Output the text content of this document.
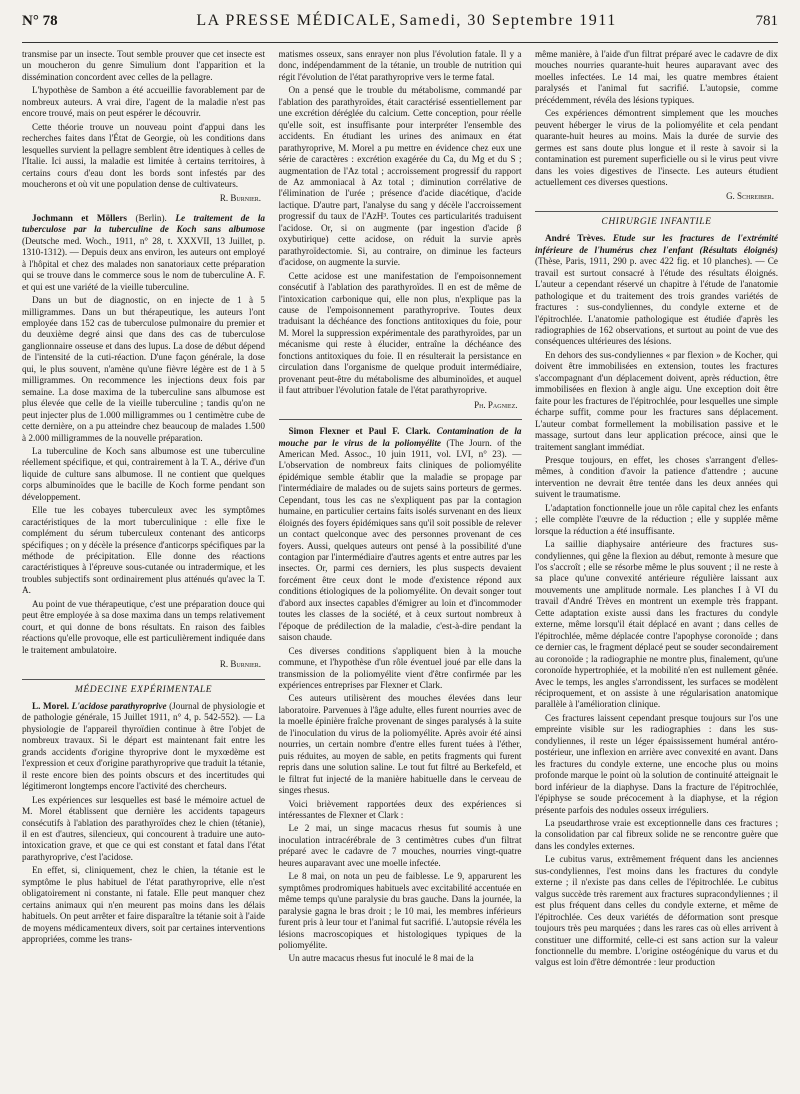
N° 78	LA PRESSE MÉDICALE, Samedi, 30 Septembre 1911	781

transmise par un insecte. Tout semble prouver que cet insecte est un moucheron du genre Simulium dont l'apparition et la dissémination concordent avec celles de la pellagre.

L'hypothèse de Sambon a été accueillie favorablement par de nombreux auteurs. A vrai dire, l'agent de la maladie n'est pas encore trouvé, mais on peut espérer le découvrir.

Cette théorie trouve un nouveau point d'appui dans les recherches faites dans l'État de Georgie, où les conditions dans lesquelles survient la pellagre semblent être identiques à celles de l'Italie. Ici aussi, la maladie est limitée à certains territoires, à certains cours d'eau dont les bords sont infestés par des moucherons et où vit une population dense de cultivateurs.

R. Burnier.

Jochmann et Möllers (Berlin). Le traitement de la tuberculose par la tuberculine de Koch sans albumose (Deutsche med. Woch., 1911, n° 28, t. XXXVII, 13 Juillet, p. 1310-1312). — Depuis deux ans environ, les auteurs ont employé à l'hôpital et chez des malades non sanatoriaux cette préparation qui se trouve dans le commerce sous le nom de tuberculine A. F. et qui est une variété de la vieille tuberculine.

Dans un but de diagnostic, on en injecte de 1 à 5 milligrammes. Dans un but thérapeutique, les auteurs l'ont employée dans 152 cas de tuberculose pulmonaire du premier et du deuxième degré ainsi que dans des cas de tuberculose ganglionnaire osseuse et dans des lupus. La dose de début dépend de l'intensité de la cuti-réaction. D'une façon générale, la dose qui, le plus souvent, n'amène qu'une fièvre légère est de 1 à 5 milligrammes. On recommence les injections deux fois par semaine. La dose maxima de la tuberculine sans albumose est plus élevée que celle de la vieille tuberculine ; tandis qu'on ne peut injecter plus de 1.000 milligrammes ou 1 centimètre cube de cette dernière, on a pu atteindre chez beaucoup de malades 1.500 à 2.000 milligrammes de la nouvelle préparation.

La tuberculine de Koch sans albumose est une tuberculine réellement spécifique, et qui, contrairement à la T. A., dérive d'un liquide de culture sans albumose. Il ne contient que quelques corps albuminoïdes que le bacille de Koch forme pendant son développement.

Elle tue les cobayes tuberculeux avec les symptômes caractéristiques de la mort tuberculinique : elle fixe le complément du sérum tuberculeux contenant des anticorps spécifiques ; on y décèle la présence d'anticorps spécifiques par la méthode de précipitation. Elle donne des réactions caractéristiques à l'épreuve sous-cutanée ou intradermique, et les troubles subjectifs sont ordinairement plus atténués qu'avec la T. A.

Au point de vue thérapeutique, c'est une préparation douce qui peut être employée à sa dose maxima dans un temps relativement court, et qui donne de bons résultats. En raison des faibles réactions qu'elle provoque, elle est particulièrement indiquée dans le traitement ambulatoire.

R. Burnier.
MÉDECINE EXPÉRIMENTALE

L. Morel. L'acidose parathyroprive (Journal de physiologie et de pathologie générale, 15 Juillet 1911, n° 4, p. 542-552). — La physiologie de l'appareil thyroïdien continue à être l'objet de nombreux travaux. Si le départ est maintenant fait entre les grands accidents d'origine thyroprive dont le myxœdème est l'expression et ceux d'origine parathyroprive que traduit la tétanie, il reste encore bien des points obscurs et des incertitudes qui légitimeront longtemps encore l'activité des chercheurs.

Les expériences sur lesquelles est basé le mémoire actuel de M. Morel établissent que dernière les accidents tapageurs consécutifs à l'ablation des parathyroïdes chez le chien (tétanie), il en est d'autres, silencieux, qui concourent à traduire une auto-intoxication grave, et que ce qui est constant et fatal dans l'état parathyroprive, c'est l'acidose.

En effet, si, cliniquement, chez le chien, la tétanie est le symptôme le plus habituel de l'état parathyroprive, elle n'est obligatoirement ni constante, ni fatale. Elle peut manquer chez certains animaux qui n'en meurent pas moins dans les délais habituels. On peut arrêter et faire disparaître la tétanie soit à l'aide de moyens médicamenteux divers, soit par certaines interventions appropriées, comme les trans-

matismes osseux, sans enrayer non plus l'évolution fatale. Il y a donc, indépendamment de la tétanie, un trouble de nutrition qui régit l'évolution de l'état parathyroprive vers le terme fatal.

On a pensé que le trouble du métabolisme, commandé par l'ablation des parathyroïdes, était caractérisé essentiellement par une excrétion déréglée du calcium. Cette conception, pour réelle qu'elle soit, est insuffisante pour interpréter l'ensemble des accidents. En étudiant les urines des animaux en état parathyroprive, M. Morel a pu mettre en évidence chez eux une série de caractères : excrétion exagérée du Ca, du Mg et du S ; augmentation de l'Az total ; accroissement progressif du rapport de Az ammoniacal à Az total ; diminution corrélative de l'élimination de l'urée ; présence d'acide diacétique, d'acide lactique. D'autre part, l'analyse du sang y décèle l'accroissement progressif du taux de l'AzH³. Toutes ces particularités traduisent l'acidose. Or, si on augmente (par ingestion d'acide β oxybutirique) cette acidose, on réduit la survie après parathyroïdectomie. Si, au contraire, on diminue les facteurs d'acidose, on augmente la survie.

Cette acidose est une manifestation de l'empoisonnement consécutif à l'ablation des parathyroïdes. Il en est de même de l'intoxication carbonique qui, elle non plus, n'explique pas la cause de l'empoisonnement parathyroprive. Toutes deux traduisant la déchéance des fonctions antitoxiques du foie, pour M. Morel la suppression expérimentale des parathyroïdes, par un mécanisme qui reste à élucider, entraîne la déchéance des fonctions antitoxiques du foie. Il en résulterait la persistance en circulation dans l'organisme de quelque produit intermédiaire, provenant peut-être du métabolisme des albuminoïdes, et auquel il faut attribuer l'évolution fatale de l'état parathyroprive.

Ph. Pagniez.

Simon Flexner et Paul F. Clark. Contamination de la mouche par le virus de la poliomyélite (The Journ. of the American Med. Assoc., 10 juin 1911, vol. LVI, n° 23). — L'observation de nombreux faits cliniques de poliomyélite épidémique semble établir que la maladie se propage par l'intermédiaire de malades ou de sujets sains porteurs de germes. Cependant, tous les cas ne s'expliquent pas par la contagion humaine, en particulier certains faits isolés survenant en des lieux éloignés des foyers épidémiques sans qu'il soit possible de relever un contact quelconque avec des personnes provenant de ces foyers. Aussi, quelques auteurs ont pensé à la possibilité d'une contagion par l'intermédiaire d'autres agents et entre autres par les insectes. Or, parmi ces derniers, les plus suspects devaient forcément être ceux dont le mode d'existence répond aux conditions étiologiques de la poliomyélite. On devait songer tout d'abord aux insectes capables d'émigrer au loin et d'incommoder toutes les classes de la société, et à ceux surtout nombreux à l'époque de prédilection de la maladie, c'est-à-dire pendant la saison chaude.

Ces diverses conditions s'appliquent bien à la mouche commune, et l'hypothèse d'un rôle éventuel joué par elle dans la transmission de la poliomyélite vient d'être confirmée par les expériences entreprises par Flexner et Clark.

Ces auteurs utilisèrent des mouches élevées dans leur laboratoire. Parvenues à l'âge adulte, elles furent nourries avec de la moelle épinière fraîche provenant de singes paralysés à la suite de l'inoculation du virus de la poliomyélite. Après avoir été ainsi nourries, un certain nombre d'entre elles furent tuées à l'éther, puis réduites, au moyen de sable, en petits fragments qui furent repris dans une solution saline. Le tout fut filtré au Berkefeld, et le filtrat fut injecté de la manière habituelle dans le cerveau de singes rhesus.

Voici brièvement rapportées deux des expériences si intéressantes de Flexner et Clark :

Le 2 mai, un singe macacus rhesus fut soumis à une inoculation intracérébrale de 3 centimètres cubes d'un filtrat préparé avec le cadavre de 7 mouches, nourries vingt-quatre heures auparavant avec une moelle infectée.

Le 8 mai, on nota un peu de faiblesse. Le 9, apparurent les symptômes prodromiques habituels avec excitabilité accentuée en même temps qu'une paralysie du bras gauche. Dans la journée, la paralysie gagna le bras droit ; le 10 mai, les membres inférieurs furent pris à leur tour et l'animal fut sacrifié. L'autopsie révéla les lésions macroscopiques et histologiques typiques de la poliomyélite.

Un autre macacus rhesus fut inoculé le 8 mai de la

même manière, à l'aide d'un filtrat préparé avec le cadavre de dix mouches nourries quarante-huit heures auparavant avec des moelles infectées. Le 14 mai, les quatre membres étaient paralysés et l'animal fut sacrifié. L'autopsie, comme précédemment, révéla des lésions typiques.

Ces expériences démontrent simplement que les mouches peuvent héberger le virus de la poliomyélite et cela pendant quarante-huit heures au moins. Mais la durée de survie des germes est sans doute plus longue et il reste à savoir si la contamination est purement superficielle ou si le virus peut vivre dans les voies digestives de l'insecte. Les auteurs étudient actuellement ces diverses questions.

G. Schreiber.
CHIRURGIE INFANTILE

André Trèves. Etude sur les fractures de l'extrémité inférieure de l'humérus chez l'enfant (Résultats éloignés) (Thèse, Paris, 1911, 290 p. avec 422 fig. et 10 planches). — Ce travail est surtout consacré à l'étude des résultats éloignés. L'auteur a cependant réservé un chapitre à l'étude de l'anatomie pathologique et du traitement des trois grandes variétés de fractures : sus-condyliennes, du condyle externe et de l'épitrochlée. L'anatomie pathologique est étudiée d'après les radiographies de 162 observations, et surtout au point de vue des conséquences ultérieures des lésions.

En dehors des sus-condyliennes « par flexion » de Kocher, qui doivent être immobilisées en extension, toutes les fractures s'accompagnant d'un déplacement doivent, après réduction, être immobilisées en flexion à angle aigu. Une exception doit être faite pour les fractures de l'épitrochlée, pour lesquelles une simple écharpe suffit, comme pour les fractures sans déplacement. L'auteur combat formellement la mobilisation passive et le massage, surtout dans leur application précoce, ainsi que le traitement sanglant immédiat.

Presque toujours, en effet, les choses s'arrangent d'elles-mêmes, à condition d'avoir la patience d'attendre ; aucune intervention ne devrait être tentée dans les deux années qui suivent le traumatisme.

L'adaptation fonctionnelle joue un rôle capital chez les enfants ; elle complète l'œuvre de la réduction ; elle y supplée même lorsque la réduction a été insuffisante.

La saillie diaphysaire antérieure des fractures sus-condyliennes, qui gêne la flexion au début, remonte à mesure que l'os s'accroît ; elle se résorbe même le plus souvent ; il ne reste à sa place qu'une convexité antérieure régulière laissant aux mouvements une amplitude normale. Les planches I à VI du travail d'André Trèves en montrent un exemple très frappant. Cette adaptation existe aussi dans les fractures du condyle externe, même lorsqu'il était déplacé en avant ; dans celles de l'épitrochlée, même déplacée contre l'apophyse coronoïde ; dans ce dernier cas, le fragment déplacé peut se souder secondairement au coronoïde ; la radiographie ne montre plus, finalement, qu'une coronoïde hypertrophiée, et la mobilité n'en est nullement gênée. Avec le temps, les angles s'arrondissent, les surfaces se modèlent réciproquement, et on assiste à une régularisation anatomique parallèle à l'amélioration clinique.

Ces fractures laissent cependant presque toujours sur l'os une empreinte visible sur les radiographies : dans les sus-condyliennes, il reste un léger épaississement huméral antéro-postérieur, une inflexion en arrière avec convexité en avant. Dans les fractures du condyle externe, une encoche plus ou moins profonde marque le point où la solution de continuité atteignait le bord inférieur de la diaphyse. Dans la fracture de l'épitrochlée, l'épiphyse se soude précocement à la diaphyse, et la région présente parfois des nodules osseux irréguliers.

La pseudarthrose vraie est exceptionnelle dans ces fractures ; la consolidation par cal fibreux solide ne se rencontre guère que dans les condyles externes.

Le cubitus varus, extrêmement fréquent dans les anciennes sus-condyliennes, l'est moins dans les fractures du condyle externe ; il n'existe pas dans celles de l'épitrochlée. Le cubitus valgus succède très rarement aux fractures supracondyliennes ; il est plus fréquent dans celles du condyle externe, et même de l'épitrochlée. Ces deux variétés de déformation sont presque toujours très peu marquées ; dans les rares cas où elles arrivent à constituer une difformité, celle-ci est sans action sur la valeur fonctionnelle du membre. L'origine ostéogénique du varus et du valgus est loin d'être démontrée : leur production
